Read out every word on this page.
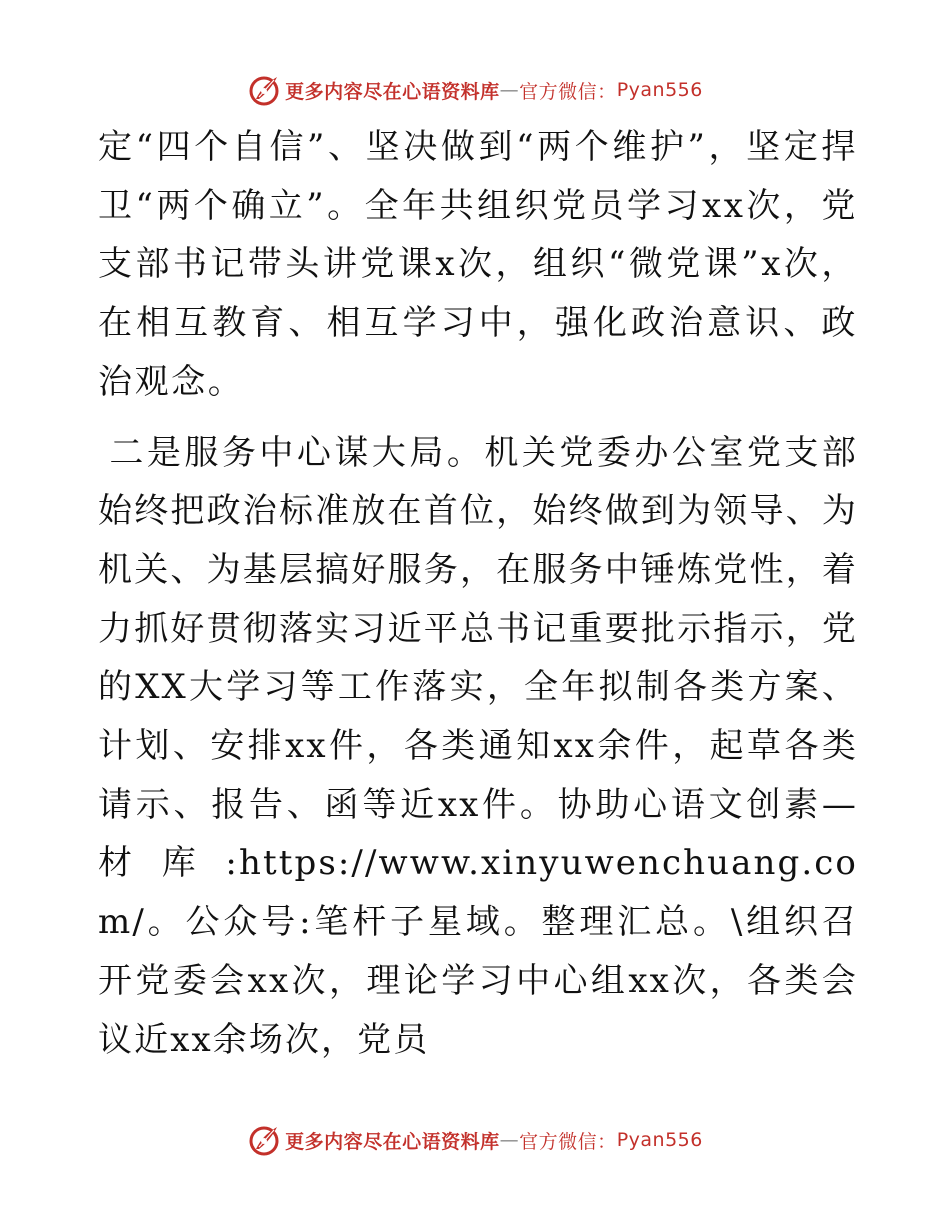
更多内容尽在心语资料库 — 官方微信： Pyan556

定“四个自信”、坚决做到“两个维护”，坚定捍卫“两个确立”。全年共组织党员学习xx次，党支部书记带头讲党课x次，组织“微党课”x次，在相互教育、相互学习中，强化政治意识、政治观念。

二是服务中心谋大局。机关党委办公室党支部始终把政治标准放在首位，始终做到为领导、为机关、为基层搞好服务，在服务中锤炼党性，着力抓好贯彻落实习近平总书记重要批示指示，党的XX大学习等工作落实，全年拟制各类方案、计划、安排xx件，各类通知xx余件，起草各类请示、报告、函等近xx件。协助心语文创素—材库:https://www.xinyuwenchuang.com/。公众号:笔杆子星域。整理汇总。\组织召开党委会xx次，理论学习中心组xx次，各类会议近xx余场次，党员

更多内容尽在心语资料库 — 官方微信： Pyan556
